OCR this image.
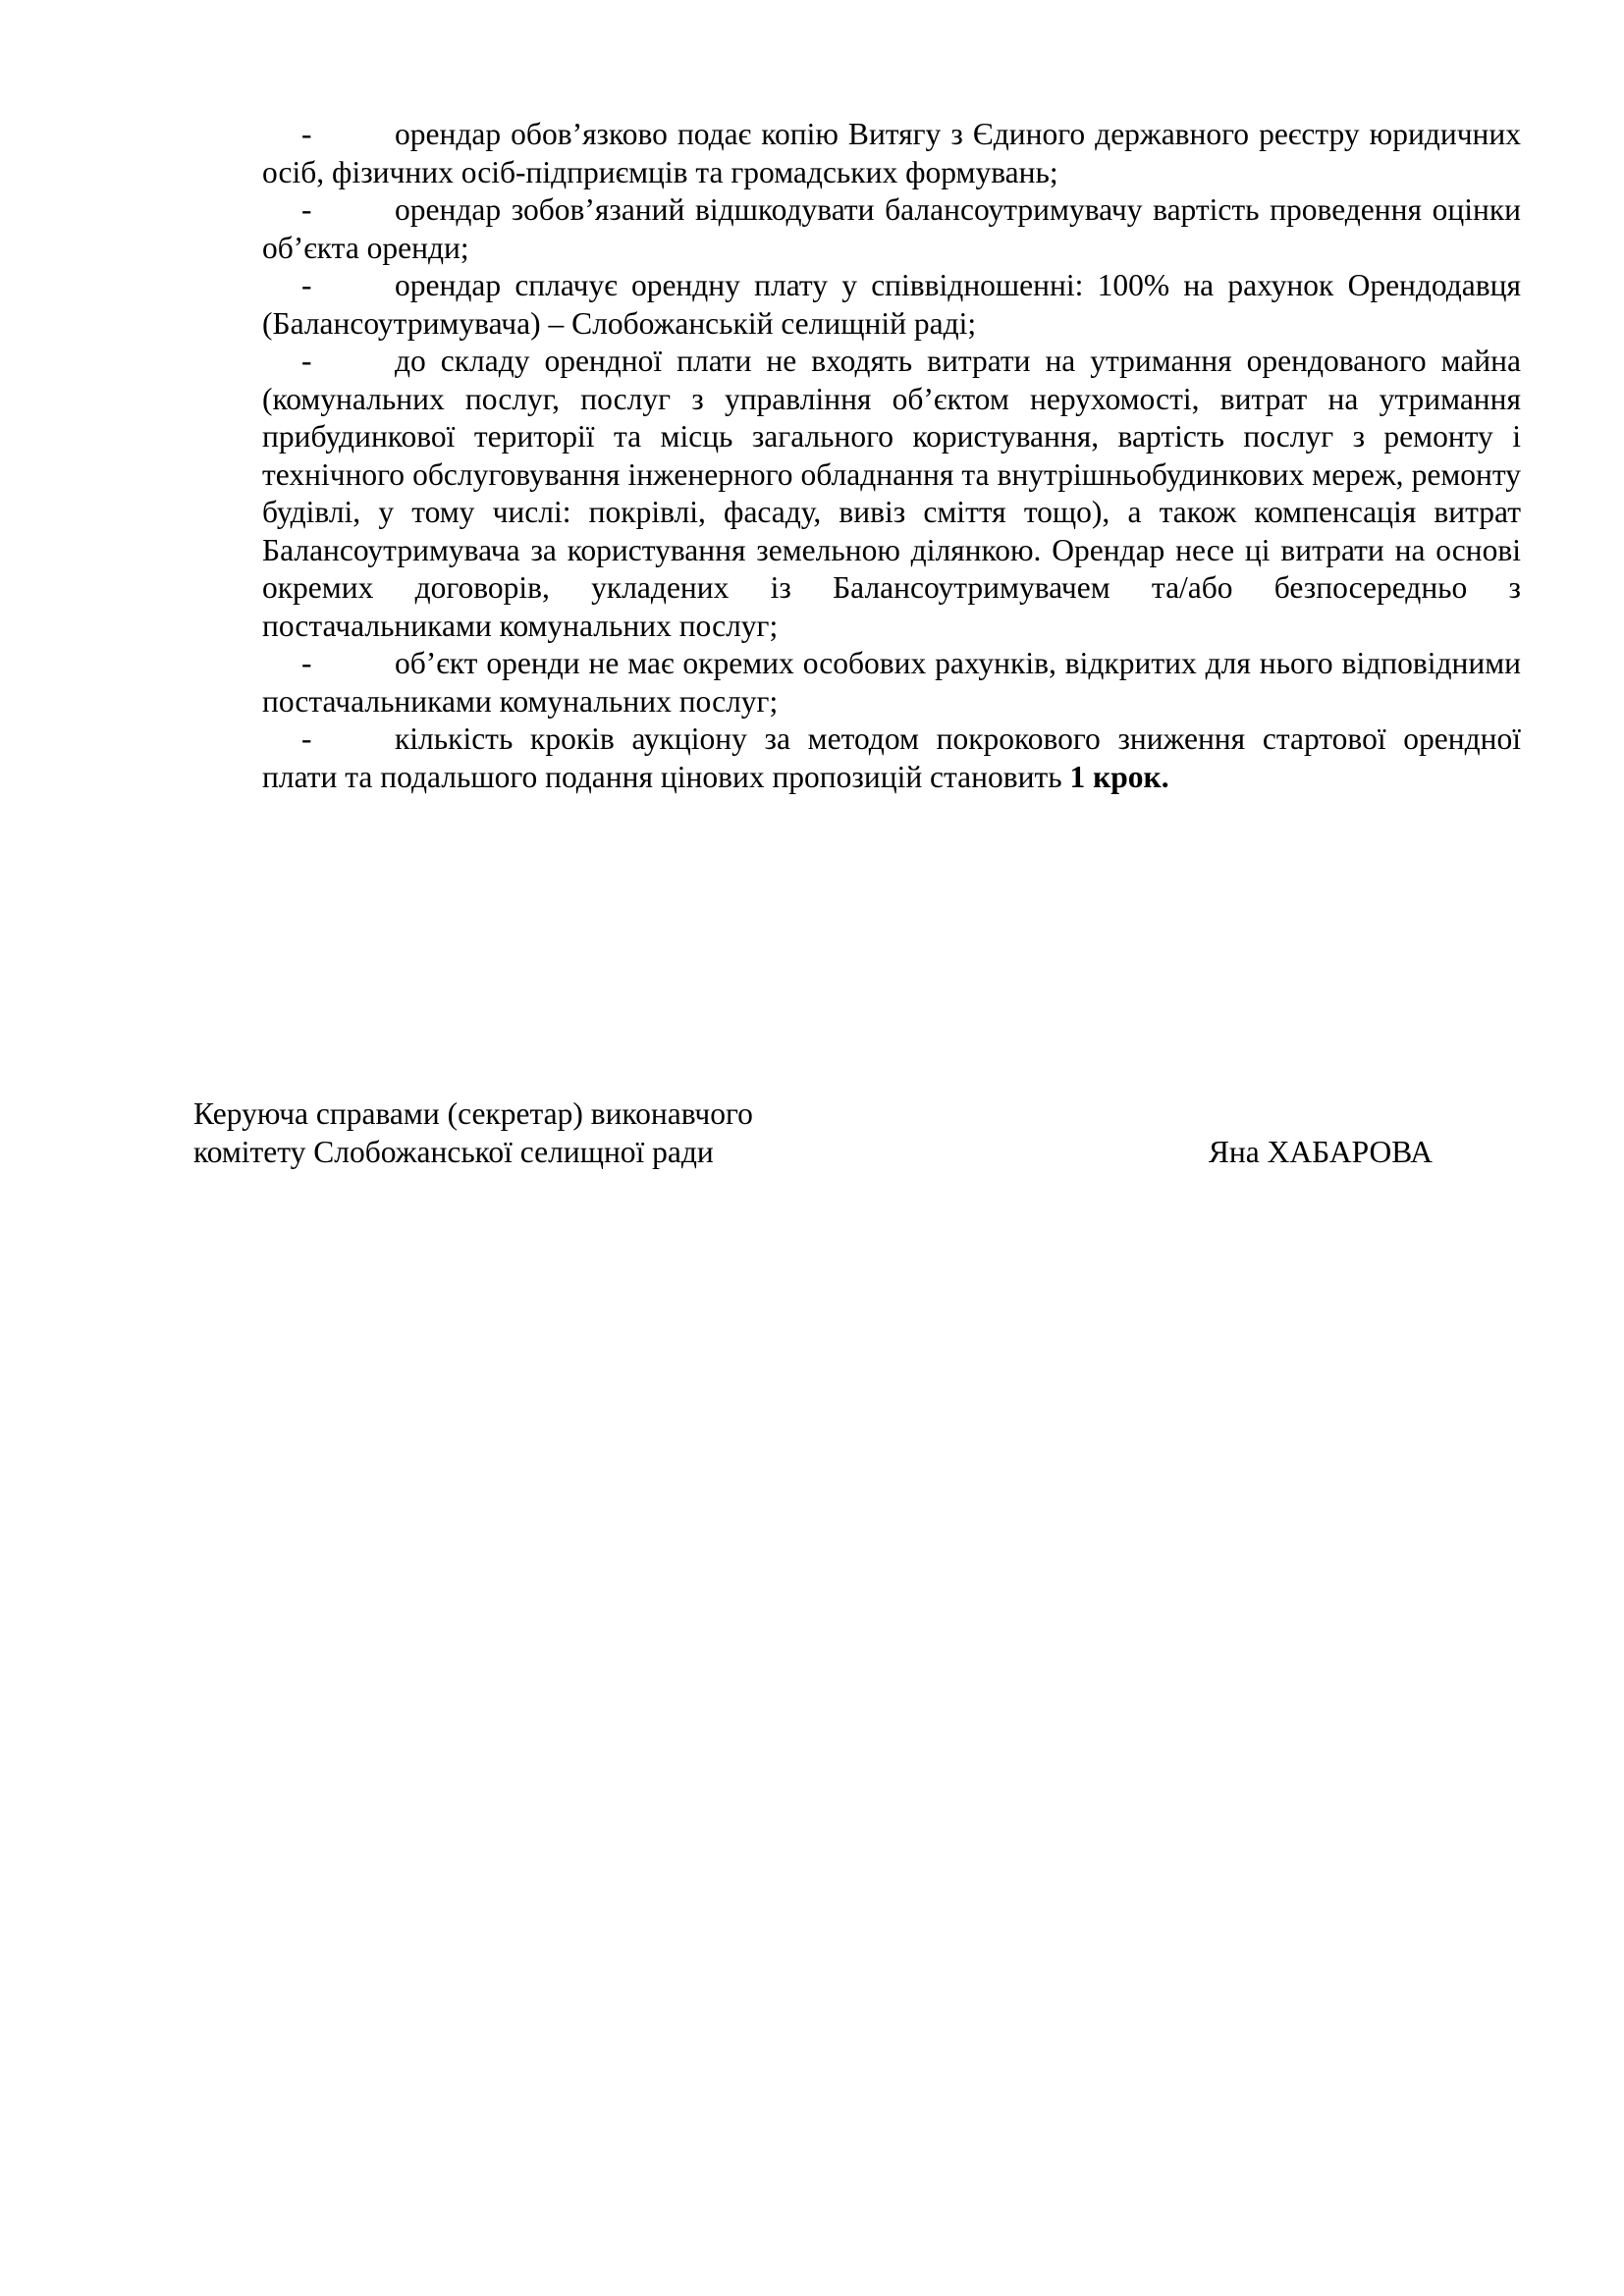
-	орендар обов’язково подає копію Витягу з Єдиного державного реєстру юридичних осіб, фізичних осіб-підприємців та громадських формувань;

-	орендар зобов’язаний відшкодувати балансоутримувачу вартість проведення оцінки об’єкта оренди;

-	орендар сплачує орендну плату у співвідношенні: 100% на рахунок Орендодавця (Балансоутримувача) – Слобожанській селищній раді;

-	до складу орендної плати не входять витрати на утримання орендованого майна (комунальних послуг, послуг з управління об’єктом нерухомості, витрат на утримання прибудинкової території та місць загального користування, вартість послуг з ремонту і технічного обслуговування інженерного обладнання та внутрішньобудинкових мереж, ремонту будівлі, у тому числі: покрівлі, фасаду, вивіз сміття тощо), а також компенсація витрат Балансоутримувача за користування земельною ділянкою. Орендар несе ці витрати на основі окремих договорів, укладених із Балансоутримувачем та/або безпосередньо з постачальниками комунальних послуг;

-	об’єкт оренди не має окремих особових рахунків, відкритих для нього відповідними постачальниками комунальних послуг;

-	кількість кроків аукціону за методом покрокового зниження стартової орендної плати та подальшого подання цінових пропозицій становить 1 крок.

Керуюча справами (секретар) виконавчого
комітету Слобожанської селищної ради	Яна ХАБАРОВА
